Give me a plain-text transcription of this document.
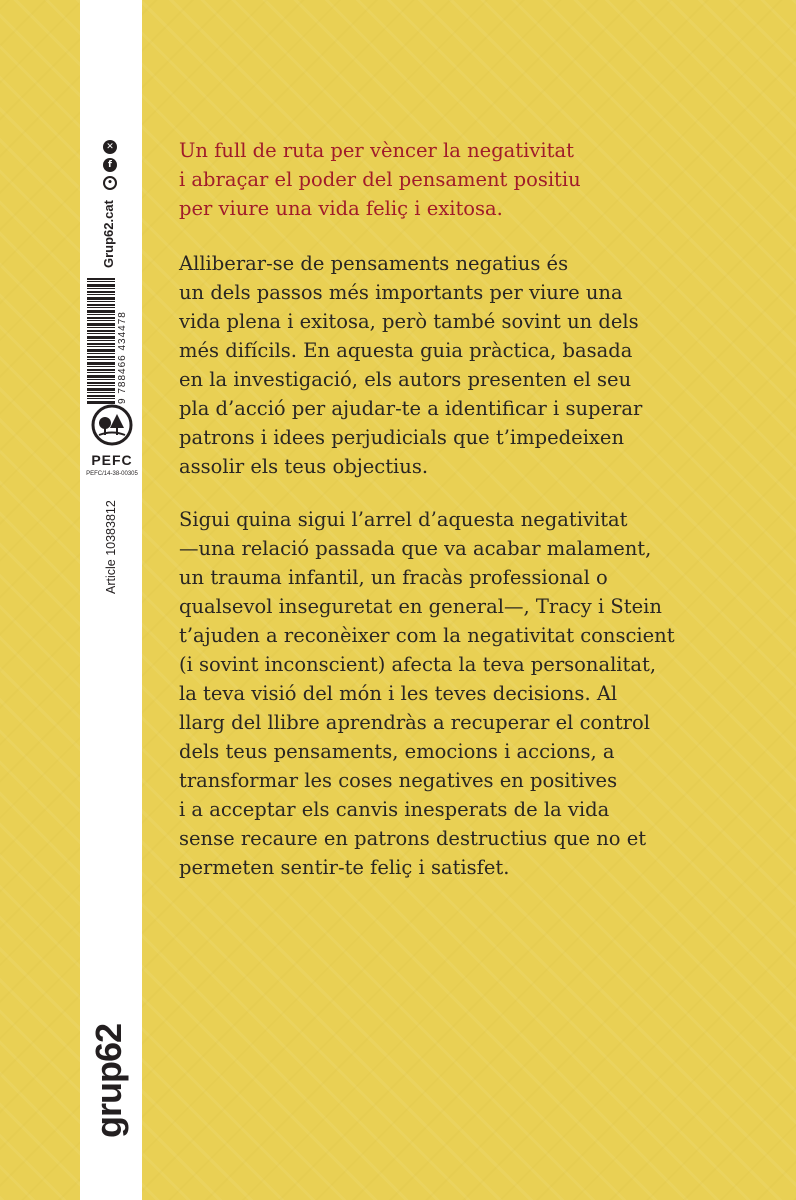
✕
f
•
Grup62.cat
9 788466 434478
PEFC
PEFC/14-38-00305
Article 10383812
grup62
Un full de ruta per vèncer la negativitat
i abraçar el poder del pensament positiu
per viure una vida feliç i exitosa.
Alliberar-se de pensaments negatius és
un dels passos més importants per viure una
vida plena i exitosa, però també sovint un dels
més difícils. En aquesta guia pràctica, basada
en la investigació, els autors presenten el seu
pla d’acció per ajudar-te a identificar i superar
patrons i idees perjudicials que t’impedeixen
assolir els teus objectius.
Sigui quina sigui l’arrel d’aquesta negativitat
—una relació passada que va acabar malament,
un trauma infantil, un fracàs professional o
qualsevol inseguretat en general—, Tracy i Stein
t’ajuden a reconèixer com la negativitat conscient
(i sovint inconscient) afecta la teva personalitat,
la teva visió del món i les teves decisions. Al
llarg del llibre aprendràs a recuperar el control
dels teus pensaments, emocions i accions, a
transformar les coses negatives en positives
i a acceptar els canvis inesperats de la vida
sense recaure en patrons destructius que no et
permeten sentir-te feliç i satisfet.
